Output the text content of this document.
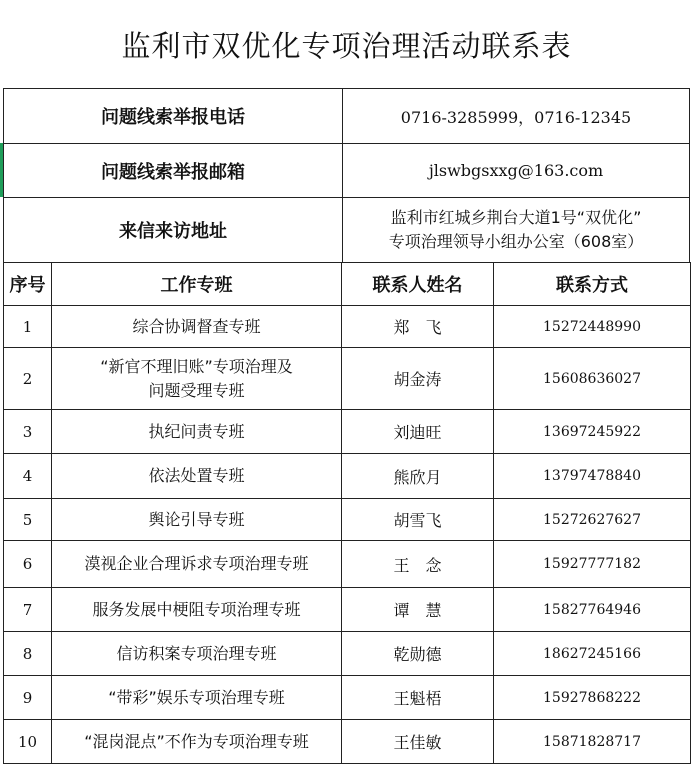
监利市双优化专项治理活动联系表
问题线索举报电话	0716-3285999，0716-12345
问题线索举报邮箱	jlswbgsxxg@163.com
来信来访地址	监利市红城乡荆台大道1号“双优化”
专项治理领导小组办公室（608室）
序号	工作专班	联系人姓名	联系方式
1	综合协调督查专班	郑　飞	15272448990
2	“新官不理旧账”专项治理及
问题受理专班	胡金涛	15608636027
3	执纪问责专班	刘迪旺	13697245922
4	依法处置专班	熊欣月	13797478840
5	舆论引导专班	胡雪飞	15272627627
6	漠视企业合理诉求专项治理专班	王　念	15927777182
7	服务发展中梗阻专项治理专班	谭　慧	15827764946
8	信访积案专项治理专班	乾勋德	18627245166
9	“带彩”娱乐专项治理专班	王魁梧	15927868222
10	“混岗混点”不作为专项治理专班	王佳敏	15871828717
